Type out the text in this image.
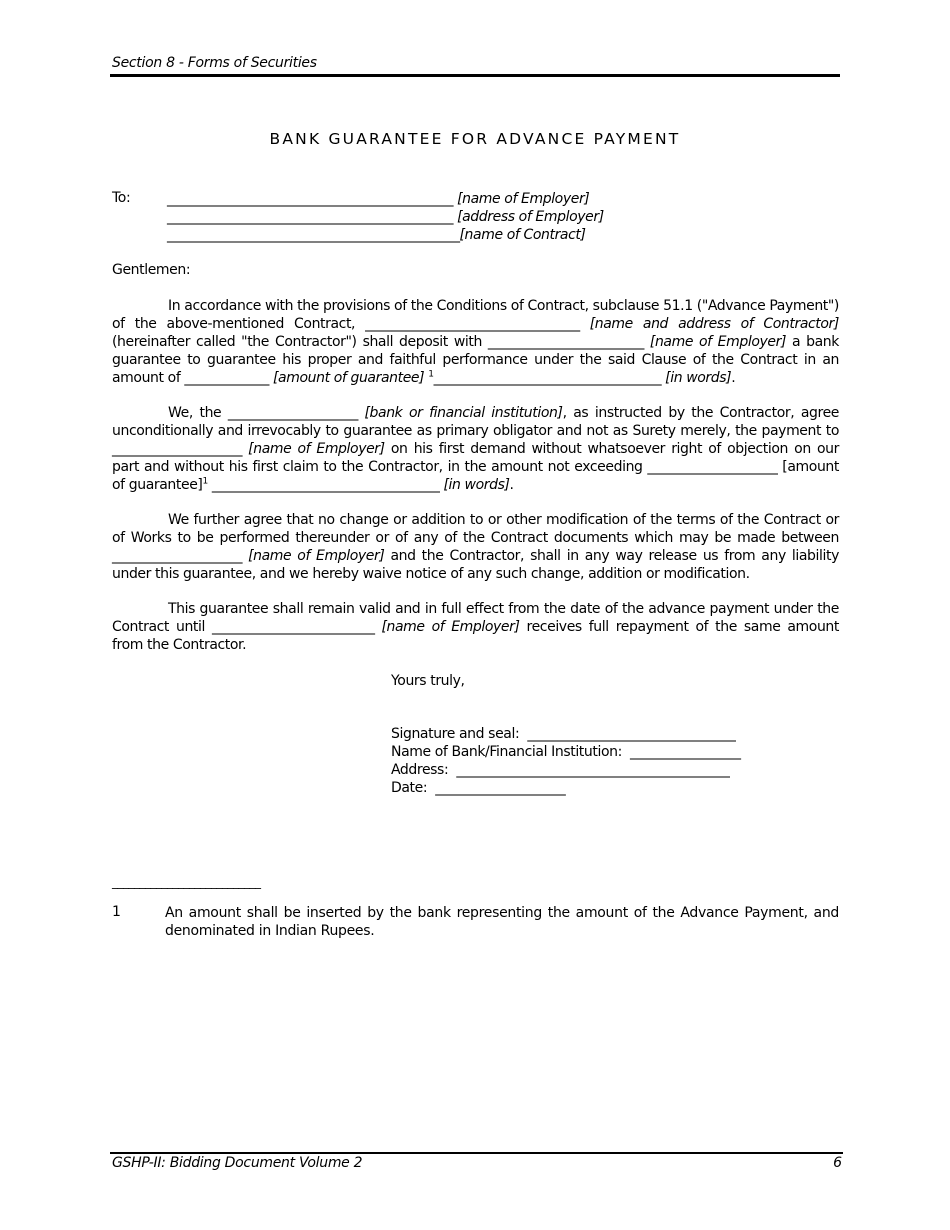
Section 8 - Forms of Securities
BANK GUARANTEE FOR ADVANCE PAYMENT
To:	____________________________________________ [name of Employer]
____________________________________________ [address of Employer]
_____________________________________________[name of Contract]

Gentlemen:

In accordance with the provisions of the Conditions of Contract, subclause 51.1 ("Advance Payment") of the above-mentioned Contract, _________________________________ [name and address of Contractor] (hereinafter called "the Contractor") shall deposit with ________________________ [name of Employer] a bank guarantee to guarantee his proper and faithful performance under the said Clause of the Contract in an amount of _____________ [amount of guarantee] $^1$___________________________________ [in words].

We, the ____________________ [bank or financial institution], as instructed by the Contractor, agree unconditionally and irrevocably to guarantee as primary obligator and not as Surety merely, the payment to ____________________ [name of Employer] on his first demand without whatsoever right of objection on our part and without his first claim to the Contractor, in the amount not exceeding ____________________ [amount of guarantee]$^1$ ___________________________________ [in words].

We further agree that no change or addition to or other modification of the terms of the Contract or of Works to be performed thereunder or of any of the Contract documents which may be made between ____________________ [name of Employer] and the Contractor, shall in any way release us from any liability under this guarantee, and we hereby waive notice of any such change, addition or modification.

This guarantee shall remain valid and in full effect from the date of the advance payment under the Contract until _________________________ [name of Employer] receives full repayment of the same amount from the Contractor.

Yours truly,
Signature and seal: ________________________________
Name of Bank/Financial Institution: _________________
Address: __________________________________________
Date: ____________________
___________________________
1	An amount shall be inserted by the bank representing the amount of the Advance Payment, and denominated in Indian Rupees.

GSHP-II: Bidding Document Volume 2	6
